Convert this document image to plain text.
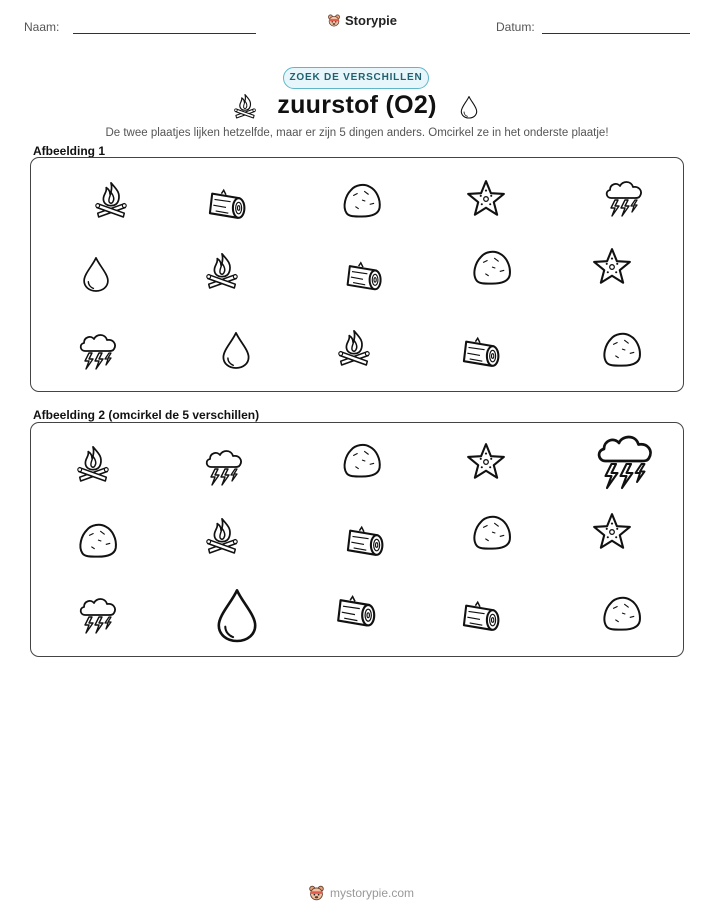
Naam:	Storypie	Datum:
ZOEK DE VERSCHILLEN
zuurstof (O2)
De twee plaatjes lijken hetzelfde, maar er zijn 5 dingen anders. Omcirkel ze in het onderste plaatje!
Afbeelding 1
Afbeelding 2 (omcirkel de 5 verschillen)
mystorypie.com
